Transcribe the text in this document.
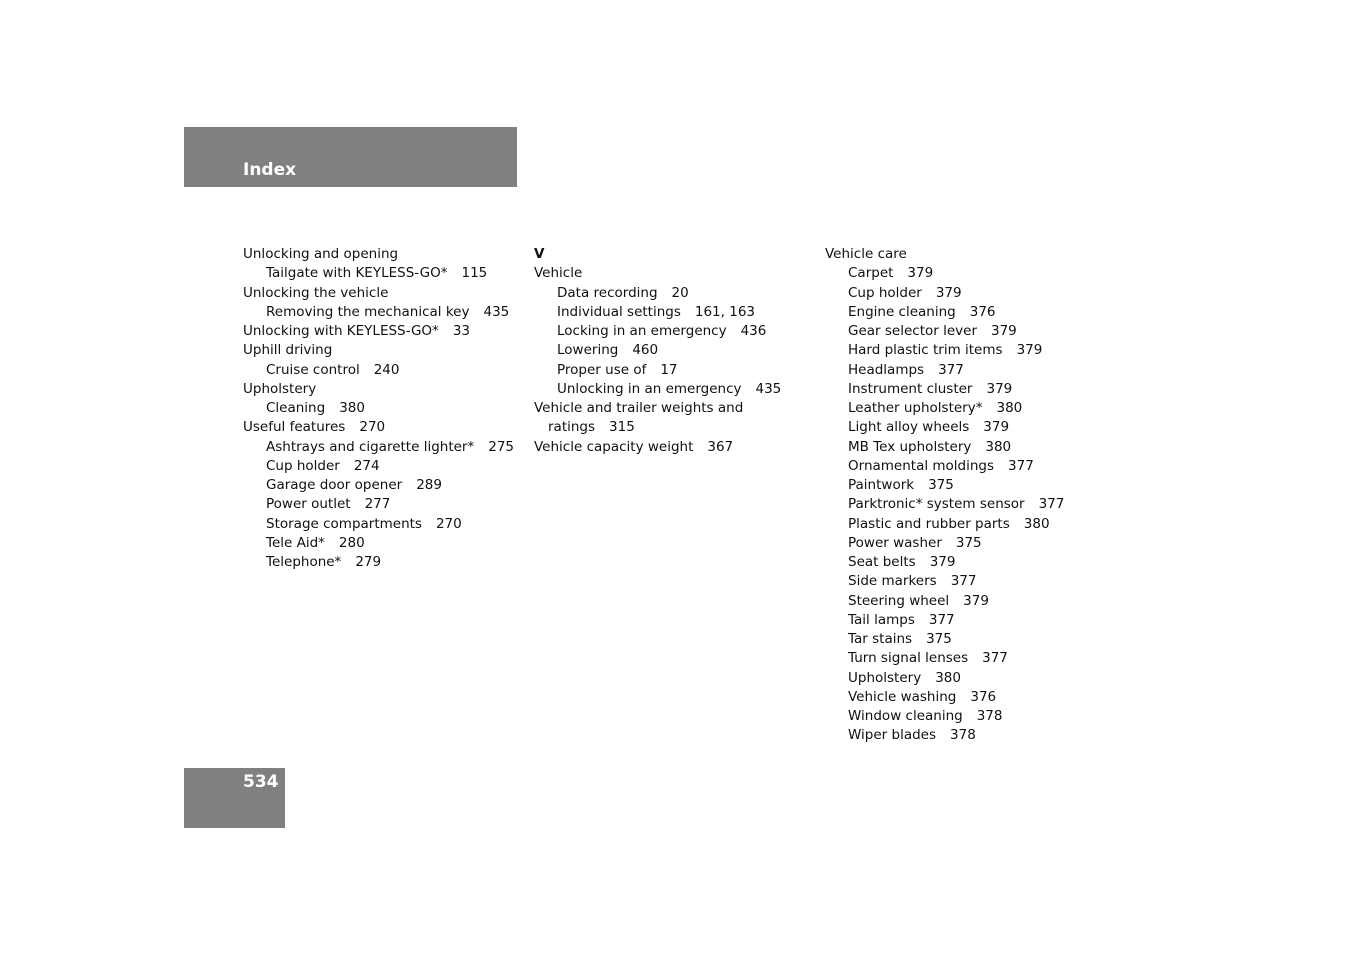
Index
Unlocking and opening
Tailgate with KEYLESS-GO* 115
Unlocking the vehicle
Removing the mechanical key 435
Unlocking with KEYLESS-GO* 33
Uphill driving
Cruise control 240
Upholstery
Cleaning 380
Useful features 270
Ashtrays and cigarette lighter* 275
Cup holder 274
Garage door opener 289
Power outlet 277
Storage compartments 270
Tele Aid* 280
Telephone* 279
V
Vehicle
Data recording 20
Individual settings 161, 163
Locking in an emergency 436
Lowering 460
Proper use of 17
Unlocking in an emergency 435
Vehicle and trailer weights and
ratings 315
Vehicle capacity weight 367
Vehicle care
Carpet 379
Cup holder 379
Engine cleaning 376
Gear selector lever 379
Hard plastic trim items 379
Headlamps 377
Instrument cluster 379
Leather upholstery* 380
Light alloy wheels 379
MB Tex upholstery 380
Ornamental moldings 377
Paintwork 375
Parktronic* system sensor 377
Plastic and rubber parts 380
Power washer 375
Seat belts 379
Side markers 377
Steering wheel 379
Tail lamps 377
Tar stains 375
Turn signal lenses 377
Upholstery 380
Vehicle washing 376
Window cleaning 378
Wiper blades 378
534
